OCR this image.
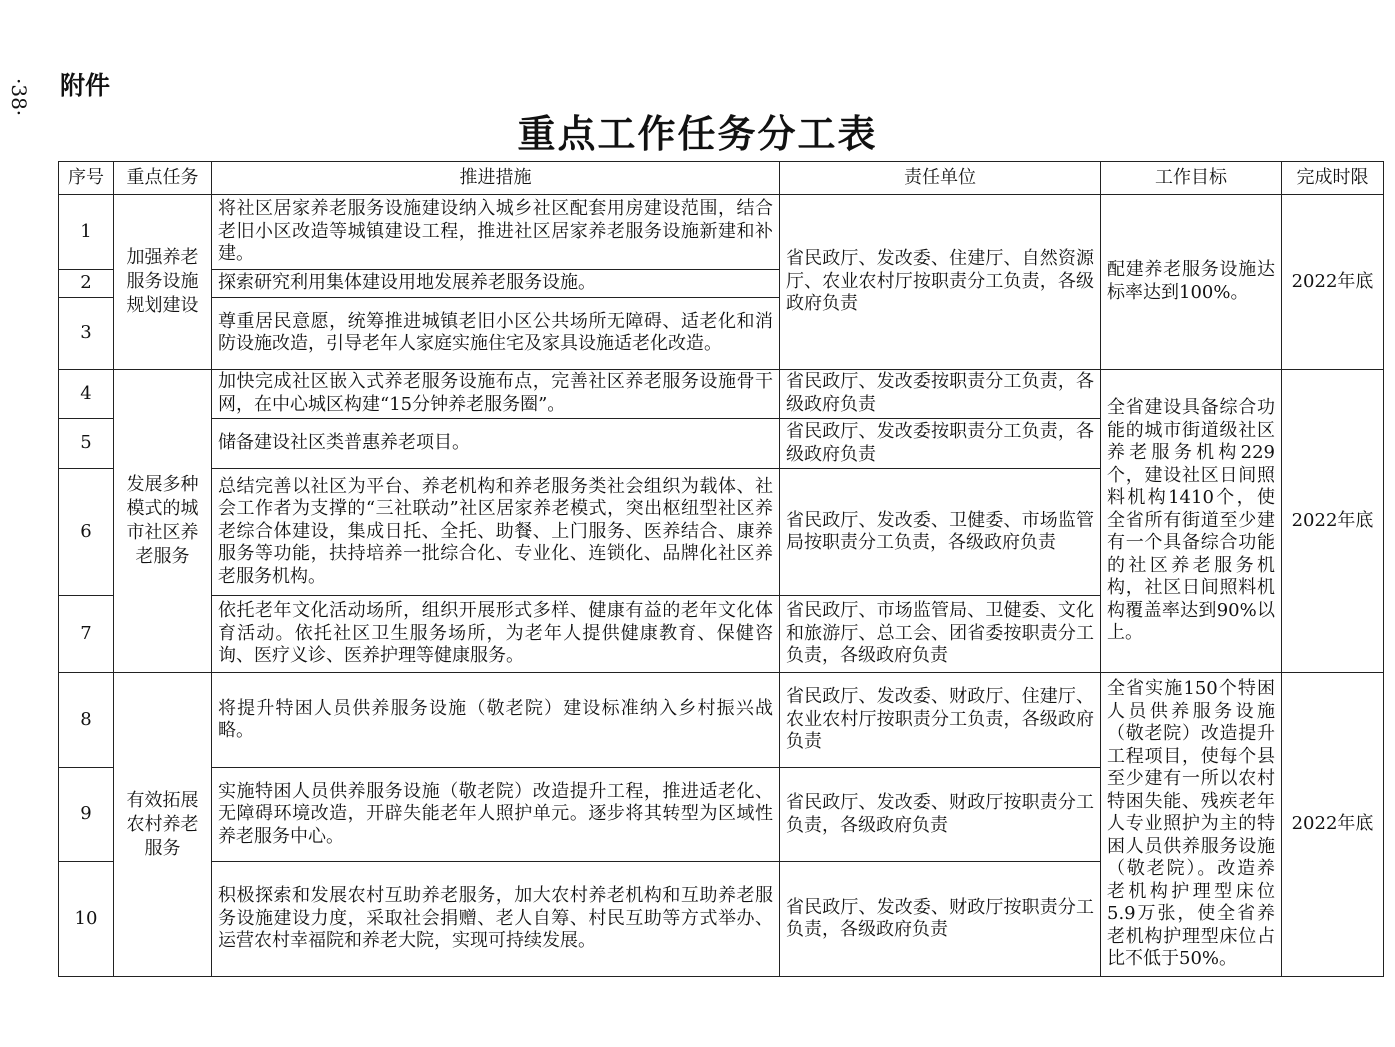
·38· 附件
重点工作任务分工表
序号	重点任务	推进措施	责任单位	工作目标	完成时限
1	加强养老服务设施规划建设	将社区居家养老服务设施建设纳入城乡社区配套用房建设范围，结合老旧小区改造等城镇建设工程，推进社区居家养老服务设施新建和补建。	省民政厅、发改委、住建厅、自然资源厅、农业农村厅按职责分工负责，各级政府负责	配建养老服务设施达标率达到100%。	2022年底
2		探索研究利用集体建设用地发展养老服务设施。			
3		尊重居民意愿，统筹推进城镇老旧小区公共场所无障碍、适老化和消防设施改造，引导老年人家庭实施住宅及家具设施适老化改造。			
4	发展多种模式的城市社区养老服务	加快完成社区嵌入式养老服务设施布点，完善社区养老服务设施骨干网，在中心城区构建“15分钟养老服务圈”。	省民政厅、发改委按职责分工负责，各级政府负责	全省建设具备综合功能的城市街道级社区养老服务机构229个，建设社区日间照料机构1410个，使全省所有街道至少建有一个具备综合功能的社区养老服务机构，社区日间照料机构覆盖率达到90%以上。	2022年底
5		储备建设社区类普惠养老项目。	省民政厅、发改委按职责分工负责，各级政府负责		
6		总结完善以社区为平台、养老机构和养老服务类社会组织为载体、社会工作者为支撑的“三社联动”社区居家养老模式，突出枢纽型社区养老综合体建设，集成日托、全托、助餐、上门服务、医养结合、康养服务等功能，扶持培养一批综合化、专业化、连锁化、品牌化社区养老服务机构。	省民政厅、发改委、卫健委、市场监管局按职责分工负责，各级政府负责		
7		依托老年文化活动场所，组织开展形式多样、健康有益的老年文化体育活动。依托社区卫生服务场所，为老年人提供健康教育、保健咨询、医疗义诊、医养护理等健康服务。	省民政厅、市场监管局、卫健委、文化和旅游厅、总工会、团省委按职责分工负责，各级政府负责		
8	有效拓展农村养老服务	将提升特困人员供养服务设施（敬老院）建设标准纳入乡村振兴战略。	省民政厅、发改委、财政厅、住建厅、农业农村厅按职责分工负责，各级政府负责	全省实施150个特困人员供养服务设施（敬老院）改造提升工程项目，使每个县至少建有一所以农村特困失能、残疾老年人专业照护为主的特困人员供养服务设施（敬老院）。改造养老机构护理型床位5.9万张，使全省养老机构护理型床位占比不低于50%。	2022年底
9		实施特困人员供养服务设施（敬老院）改造提升工程，推进适老化、无障碍环境改造，开辟失能老年人照护单元。逐步将其转型为区域性养老服务中心。	省民政厅、发改委、财政厅按职责分工负责，各级政府负责		
10		积极探索和发展农村互助养老服务，加大农村养老机构和互助养老服务设施建设力度，采取社会捐赠、老人自筹、村民互助等方式举办、运营农村幸福院和养老大院，实现可持续发展。	省民政厅、发改委、财政厅按职责分工负责，各级政府负责		
